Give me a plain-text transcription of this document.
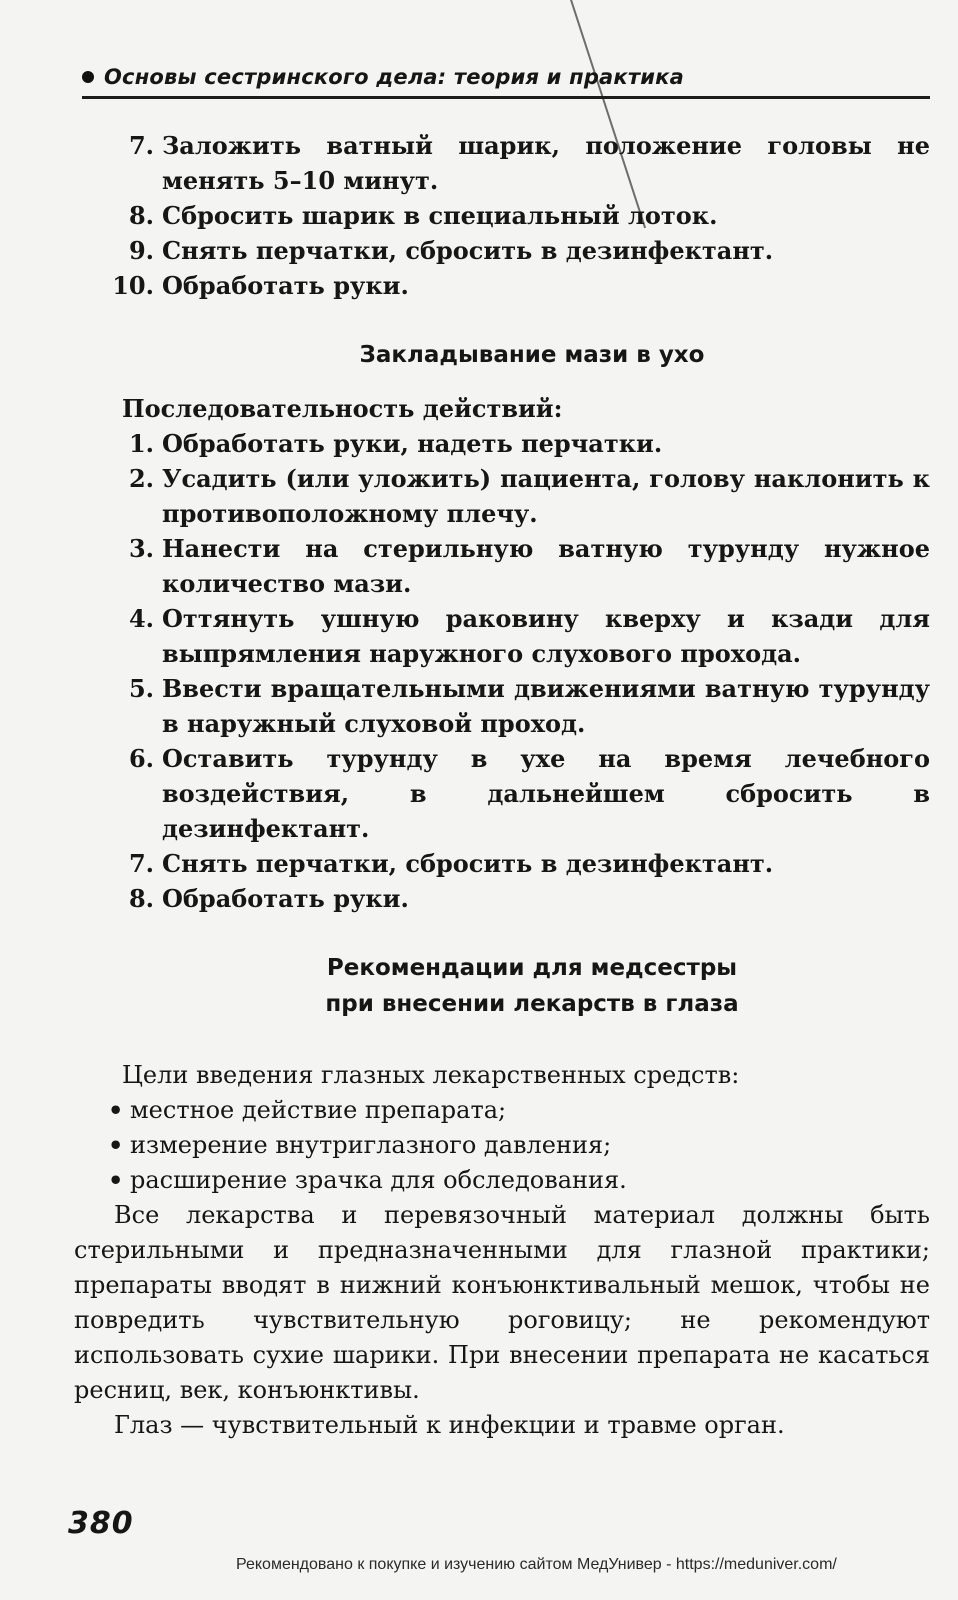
Основы сестринского дела: теория и практика
7. Заложить ватный шарик, положение головы не менять 5–10 минут.
8. Сбросить шарик в специальный лоток.
9. Снять перчатки, сбросить в дезинфектант.
10. Обработать руки.
Закладывание мази в ухо

Последовательность действий:

1. Обработать руки, надеть перчатки.
2. Усадить (или уложить) пациента, голову наклонить к противоположному плечу.
3. Нанести на стерильную ватную турунду нужное количество мази.
4. Оттянуть ушную раковину кверху и кзади для выпрямления наружного слухового прохода.
5. Ввести вращательными движениями ватную турунду в наружный слуховой проход.
6. Оставить турунду в ухе на время лечебного воздействия, в дальнейшем сбросить в дезинфектант.
7. Снять перчатки, сбросить в дезинфектант.
8. Обработать руки.
Рекомендации для медсестры
при внесении лекарств в глаза

Цели введения глазных лекарственных средств:

• местное действие препарата;
• измерение внутриглазного давления;
• расширение зрачка для обследования.

Все лекарства и перевязочный материал должны быть стерильными и предназначенными для глазной практики; препараты вводят в нижний конъюнктивальный мешок, чтобы не повредить чувствительную роговицу; не рекомендуют использовать сухие шарики. При внесении препарата не касаться ресниц, век, конъюнктивы.

Глаз — чувствительный к инфекции и травме орган.

380
Рекомендовано к покупке и изучению сайтом МедУнивер - https://meduniver.com/
